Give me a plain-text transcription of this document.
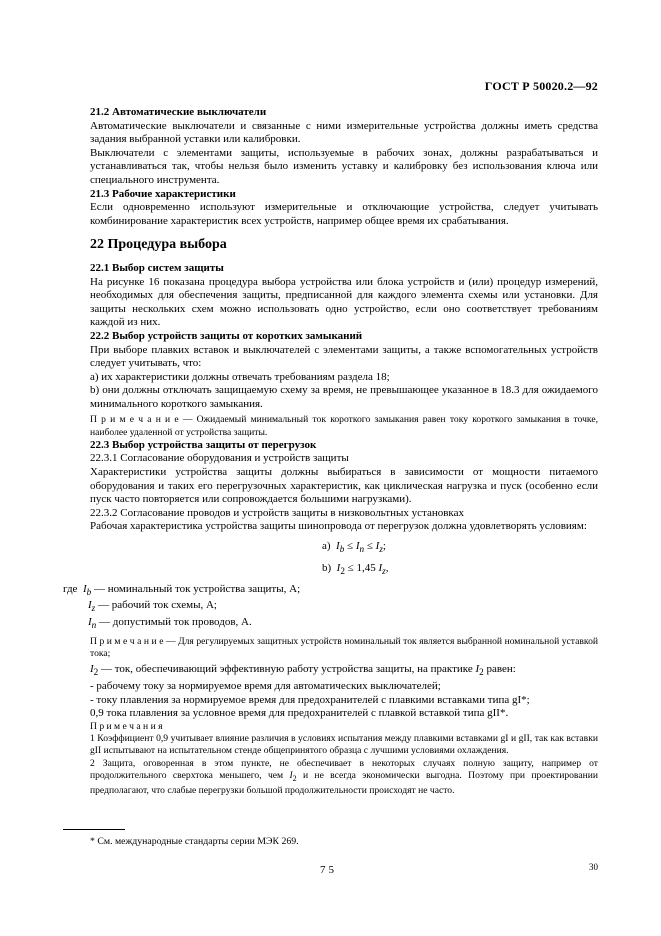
ГОСТ Р 50020.2—92

21.2 Автоматические выключатели

Автоматические выключатели и связанные с ними измерительные устройства должны иметь средства задания выбранной уставки или калибровки.

Выключатели с элементами защиты, используемые в рабочих зонах, должны разрабатываться и устанавливаться так, чтобы нельзя было изменить уставку и калибровку без использования ключа или специального инструмента.

21.3 Рабочие характеристики

Если одновременно используют измерительные и отключающие устройства, следует учитывать комбинирование характеристик всех устройств, например общее время их срабатывания.

22 Процедура выбора

22.1 Выбор систем защиты

На рисунке 16 показана процедура выбора устройства или блока устройств и (или) процедур измерений, необходимых для обеспечения защиты, предписанной для каждого элемента схемы или установки. Для защиты нескольких схем можно использовать одно устройство, если оно соответствует требованиям каждой из них.

22.2 Выбор устройств защиты от коротких замыканий

При выборе плавких вставок и выключателей с элементами защиты, а также вспомогательных устройств следует учитывать, что:

a) их характеристики должны отвечать требованиям раздела 18;

b) они должны отключать защищаемую схему за время, не превышающее указанное в 18.3 для ожидаемого минимального короткого замыкания.

П р и м е ч а н и е — Ожидаемый минимальный ток короткого замыкания равен току короткого замыкания в точке, наиболее удаленной от устройства защиты.

22.3 Выбор устройства защиты от перегрузок

22.3.1 Согласование оборудования и устройств защиты

Характеристики устройства защиты должны выбираться в зависимости от мощности питаемого оборудования и таких его перегрузочных характеристик, как циклическая нагрузка и пуск (особенно если пуск часто повторяется или сопровождается большими нагрузками).

22.3.2 Согласование проводов и устройств защиты в низковольтных установках

Рабочая характеристика устройства защиты шинопровода от перегрузок должна удовлетворять условиям:

a) $I_b \le I_n \le I_z$;

b) $I_2 \le 1,45$ $I_z$,

где $I_b$ — номинальный ток устройства защиты, А;
$I_z$ — рабочий ток схемы, А;
$I_n$ — допустимый ток проводов, А.

П р и м е ч а н и е — Для регулируемых защитных устройств номинальный ток является выбранной номинальной уставкой тока;

$I_2$ — ток, обеспечивающий эффективную работу устройства защиты, на практике $I_2$ равен:

- рабочему току за нормируемое время для автоматических выключателей;

- току плавления за нормируемое время для предохранителей с плавкими вставками типа gI*;

0,9 тока плавления за условное время для предохранителей с плавкой вставкой типа gII*.

П р и м е ч а н и я

1 Коэффициент 0,9 учитывает влияние различия в условиях испытания между плавкими вставками gI и gII, так как вставки gII испытывают на испытательном стенде общепринятого образца с лучшими условиями охлаждения.

2 Защита, оговоренная в этом пункте, не обеспечивает в некоторых случаях полную защиту, например от продолжительного сверхтока меньшего, чем $I_2$ и не всегда экономически выгодна. Поэтому при проектировании предполагают, что слабые перегрузки большой продолжительности происходят не часто.

* См. международные стандарты серии МЭК 269.
75	30
